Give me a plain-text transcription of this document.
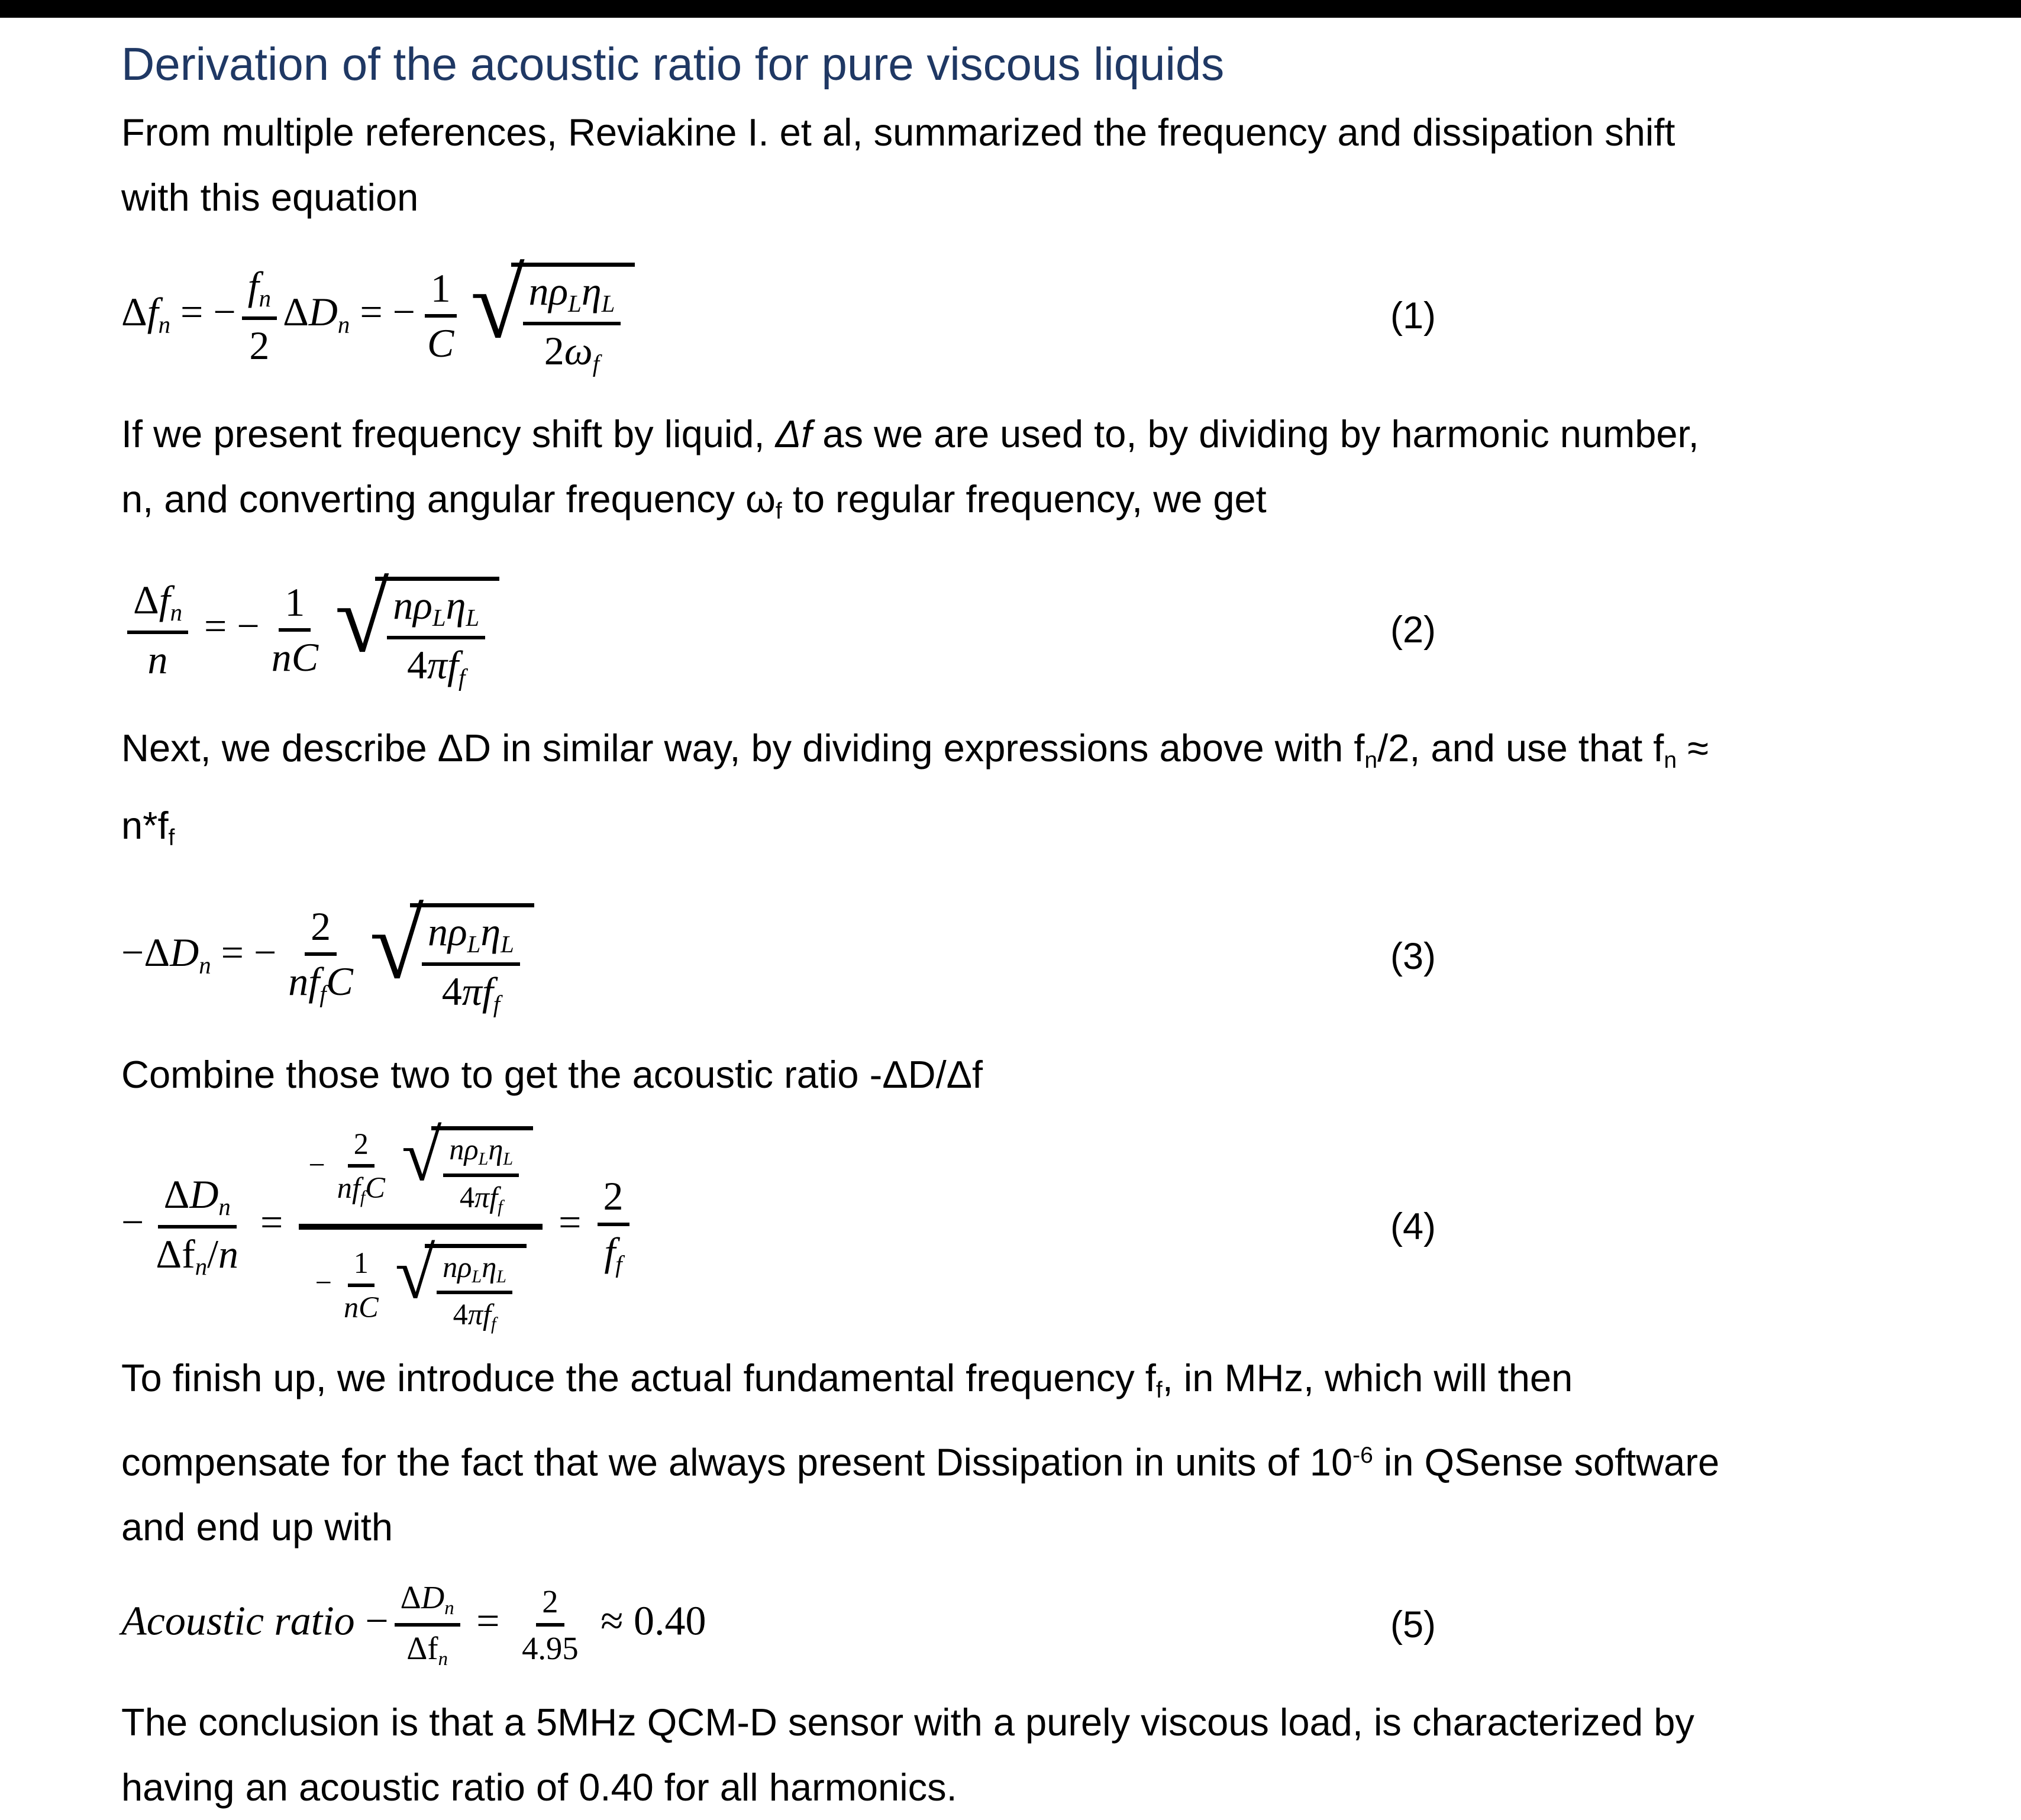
Derivation of the acoustic ratio for pure viscous liquids

From multiple references, Reviakine I. et al, summarized the frequency and dissipation shift
with this equation

Δfn = − $\frac{fn}{2}$ ΔDn = − $\frac{1}{C}$ √
$\frac{\text{nρLηL}}{2\omega f}$	(1)

If we present frequency shift by liquid, Δf as we are used to, by dividing by harmonic number,
n, and converting angular frequency ωf to regular frequency, we get

$\frac{\text{Δfn}}{n}$ = − $\frac{1}{nC}$ √
$\frac{\text{nρLηL}}{\text{4πff}}$	(2)

Next, we describe ΔD in similar way, by dividing expressions above with fn/2, and use that fn ≈
n*ff

−ΔDn = − $\frac{2}{\text{nffC}}$ √
$\frac{\text{nρLηL}}{\text{4πff}}$	(3)

Combine those two to get the acoustic ratio -ΔD/Δf

− $\frac{\text{ΔDn}}{\text{Δfn/n}} = \frac{- \frac{2}{\text{nffC}} √ \frac{\text{nρLηL}}{\text{4πff}}}{- \frac{1}{nC} √ \frac{\text{nρLηL}}{\text{4πff}}} = \frac{2}{ff}$	(4)

To finish up, we introduce the actual fundamental frequency ff, in MHz, which will then
compensate for the fact that we always present Dissipation in units of $10^{-6}$ in QSense software
and end up with

Acoustic ratio − $\frac{\text{ΔDn}}{\text{Δfn}} = \frac{2}{4.95} \approx 0.40$	(5)

The conclusion is that a 5MHz QCM-D sensor with a purely viscous load, is characterized by
having an acoustic ratio of 0.40 for all harmonics.
